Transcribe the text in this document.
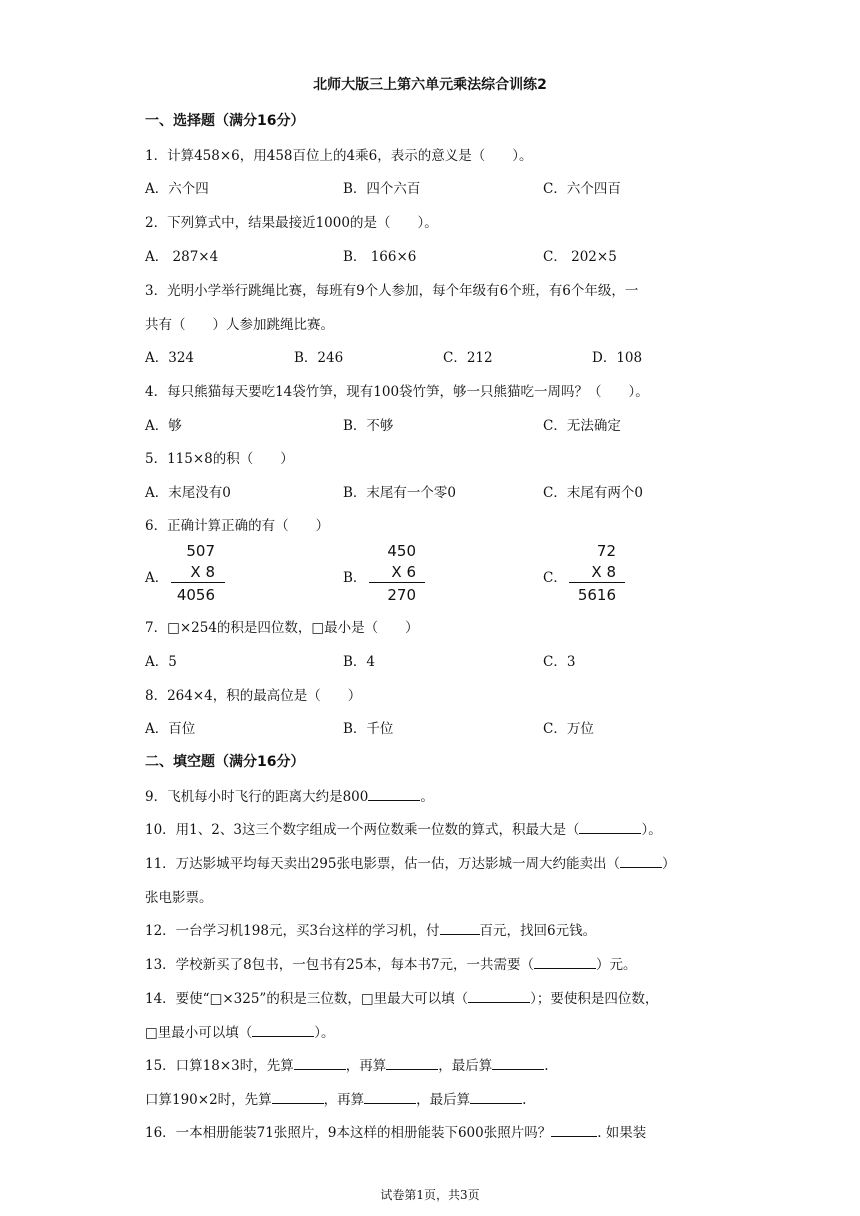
北师大版三上第六单元乘法综合训练2
一、选择题（满分16分）
1．计算458×6，用458百位上的4乘6，表示的意义是（　　）。
A．六个四	B．四个六百	C．六个四百
2．下列算式中，结果最接近1000的是（　　）。
A． 287×4	B． 166×6	C． 202×5
3．光明小学举行跳绳比赛，每班有9个人参加，每个年级有6个班，有6个年级，一
共有（　　）人参加跳绳比赛。
A．324	B．246	C．212	D．108
4．每只熊猫每天要吃14袋竹笋，现有100袋竹笋，够一只熊猫吃一周吗？（　　）。
A．够	B．不够	C．无法确定
5．115×8的积（　　）
A．末尾没有0	B．末尾有一个零0	C．末尾有两个0
6．正确计算正确的有（　　）
A．
507
X 8
4056
B．
450
X 6
270
C．
72
X 8
5616
7．□×254的积是四位数，□最小是（　　）
A．5	B．4	C．3
8．264×4，积的最高位是（　　）
A．百位	B．千位	C．万位
二、填空题（满分16分）
9．飞机每小时飞行的距离大约是800	。
10．用1、2、3这三个数字组成一个两位数乘一位数的算式，积最大是（	）。
11．万达影城平均每天卖出295张电影票，估一估，万达影城一周大约能卖出（	）
张电影票。
12．一台学习机198元，买3台这样的学习机，付	百元，找回6元钱。
13．学校新买了8包书，一包书有25本，每本书7元，一共需要（	）元。
14．要使“□×325”的积是三位数，□里最大可以填（	）；要使积是四位数，
□里最小可以填（	）。
15．口算18×3时，先算	，再算	，最后算	.
口算190×2时，先算	，再算	，最后算	.
16．一本相册能装71张照片，9本这样的相册能装下600张照片吗？	. 如果装
试卷第1页，共3页
